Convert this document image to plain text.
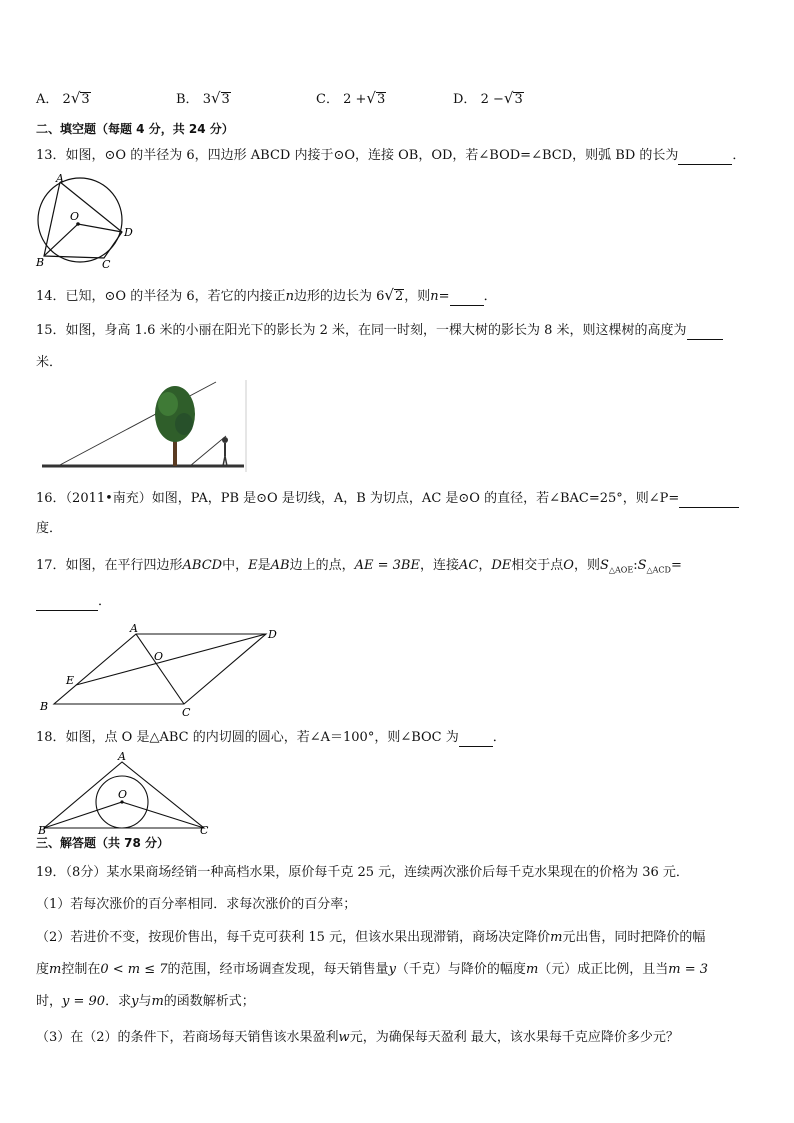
A． 2√3	B． 3√3	C． 2 +√3	D． 2 −√3
二、填空题（每题 4 分，共 24 分）
13．如图，⊙O 的半径为 6，四边形 ABCD 内接于⊙O，连接 OB，OD，若∠BOD=∠BCD，则弧 BD 的长为	．
A
O
D
B	C
14．已知，⊙O 的半径为 6，若它的内接正n边形的边长为 6√2，则n=	．
15．如图，身高 1.6 米的小丽在阳光下的影长为 2 米，在同一时刻，一棵大树的影长为 8 米，则这棵树的高度为
米．
16．（2011•南充）如图，PA，PB 是⊙O 是切线，A，B 为切点，AC 是⊙O 的直径，若∠BAC=25°，则∠P=
度．
17．如图，在平行四边形ABCD中，E是AB边上的点，AE = 3BE，连接AC，DE相交于点O，则$S_{\triangle AOE}:S_{\triangle ACD}=$
．
A	D
O
E
B	C
18．如图，点 O 是△ABC 的内切圆的圆心，若∠A＝100°，则∠BOC 为	．
A
O
B	C
三、解答题（共 78 分）
19．（8分）某水果商场经销一种高档水果，原价每千克 25 元，连续两次涨价后每千克水果现在的价格为 36 元．
（1）若每次涨价的百分率相同．求每次涨价的百分率；
（2）若进价不变，按现价售出，每千克可获利 15 元，但该水果出现滞销，商场决定降价m元出售，同时把降价的幅
度m控制在0 < m ≤ 7的范围，经市场调查发现，每天销售量y（千克）与降价的幅度m（元）成正比例，且当m = 3
时，y = 90．求y与m的函数解析式；
（3）在（2）的条件下，若商场每天销售该水果盈利w元，为确保每天盈利 最大，该水果每千克应降价多少元？
